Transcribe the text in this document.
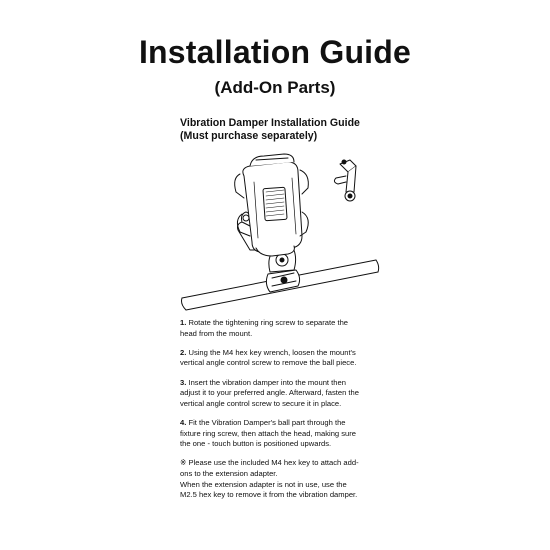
Installation Guide
(Add-On Parts)
Vibration Damper Installation Guide
(Must purchase separately)
1. Rotate the tightening ring screw to separate the
head from the mount.
2. Using the M4 hex key wrench, loosen the mount's
vertical angle control screw to remove the ball piece.
3. Insert the vibration damper into the mount then
adjust it to your preferred angle. Afterward, fasten the
vertical angle control screw to secure it in place.
4. Fit the Vibration Damper's ball part through the
fixture ring screw, then attach the head, making sure
the one - touch button is positioned upwards.
※ Please use the included M4 hex key to attach add-
ons to the extension adapter.
When the extension adapter is not in use, use the
M2.5 hex key to remove it from the vibration damper.
